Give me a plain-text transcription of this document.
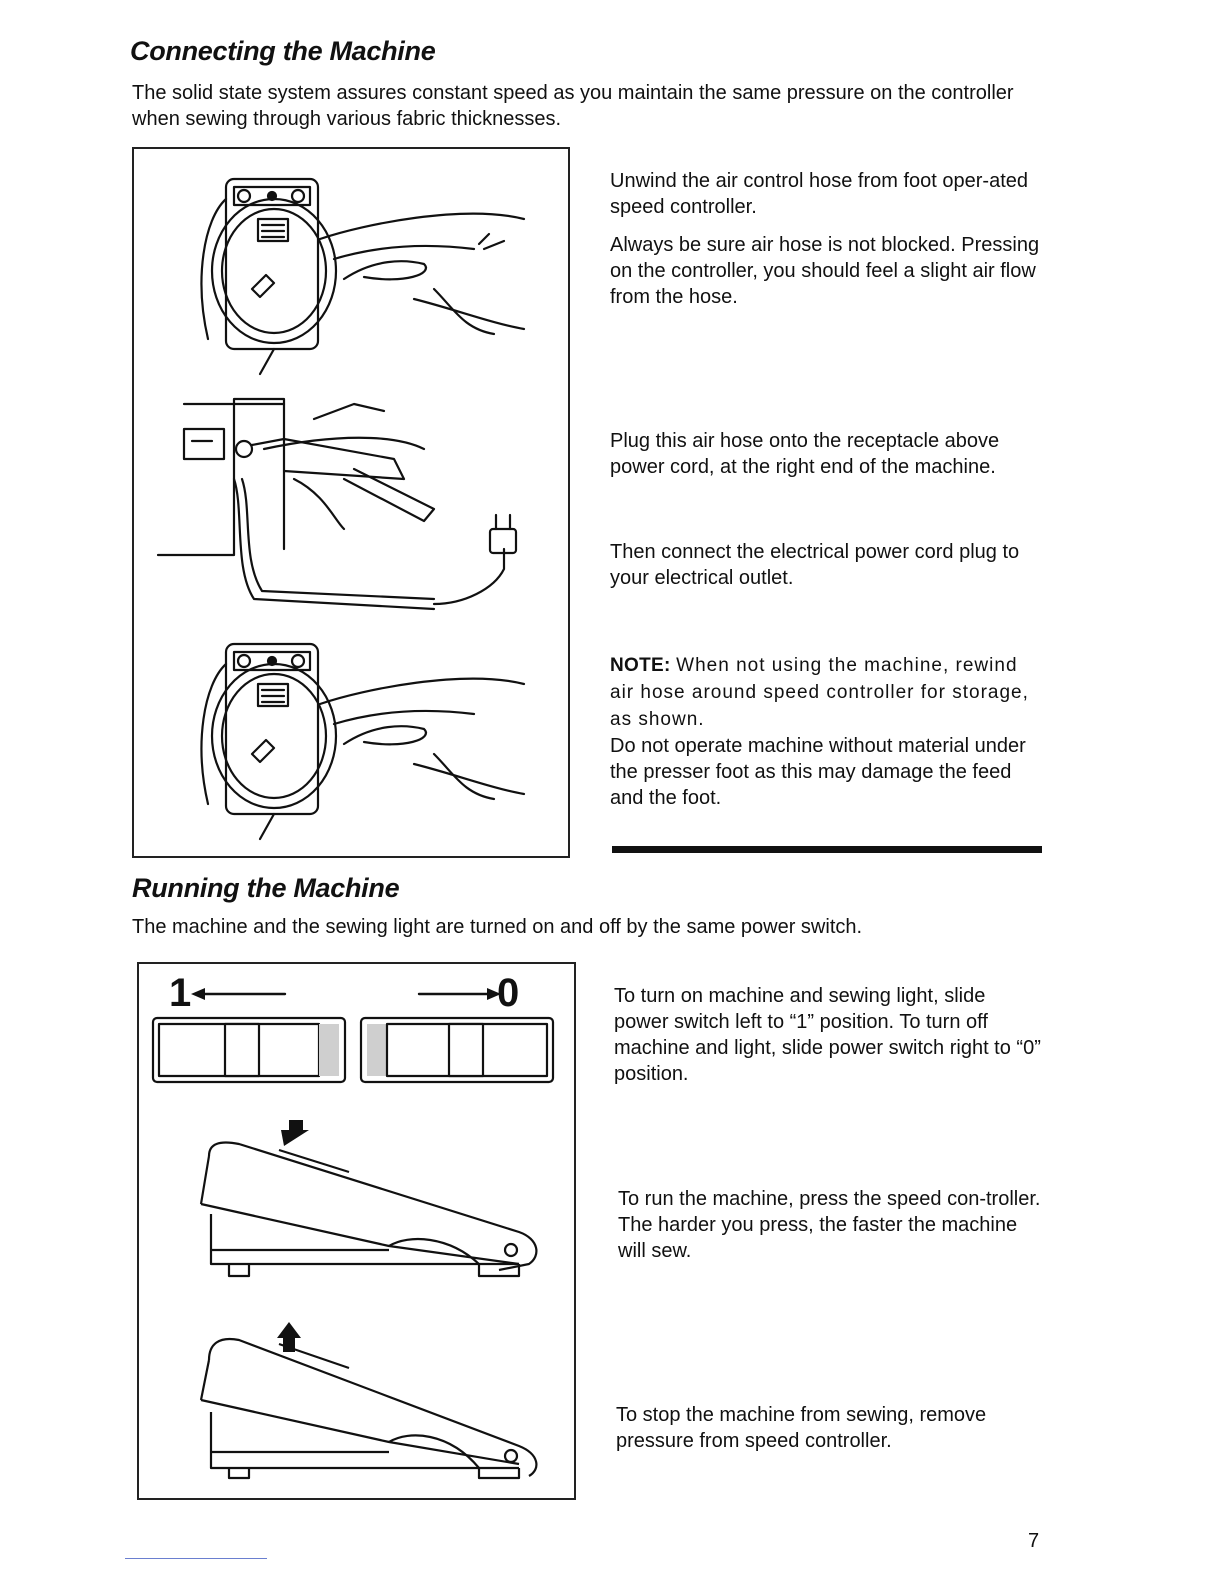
Connecting the Machine
The solid state system assures constant speed as you maintain the same pressure on the controller when sewing through various fabric thicknesses.

Unwind the air control hose from foot oper-ated speed controller.

Always be sure air hose is not blocked. Pressing on the controller, you should feel a slight air flow from the hose.

Plug this air hose onto the receptacle above power cord, at the right end of the machine.
Then connect the electrical power cord plug to your electrical outlet.

NOTE: When not using the machine, rewind air hose around speed controller for storage, as shown.

Do not operate machine without material under the presser foot as this may damage the feed and the foot.

Running the Machine
The machine and the sewing light are turned on and off by the same power switch.
1	0	To turn on machine and sewing light, slide power switch left to “1” position. To turn off machine and light, slide power switch right to “0” position.
To run the machine, press the speed con-troller. The harder you press, the faster the machine will sew.
To stop the machine from sewing, remove pressure from speed controller.
7
